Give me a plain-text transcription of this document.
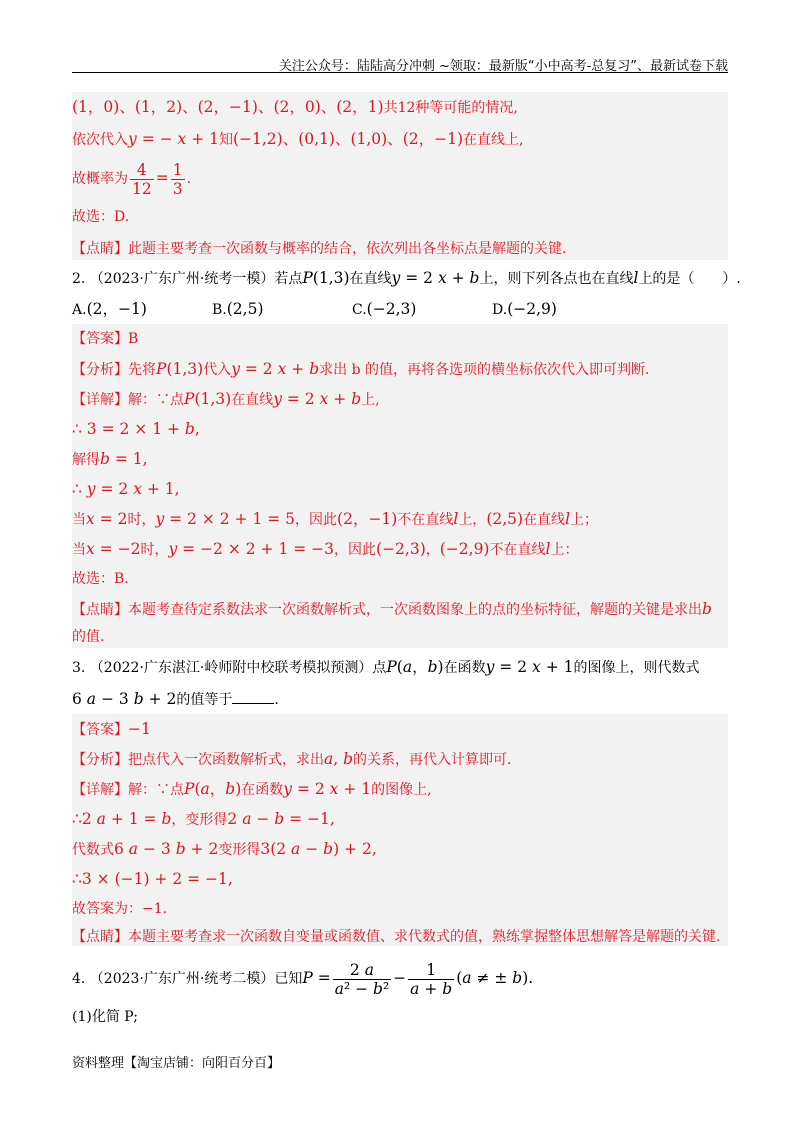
关注公众号：陆陆高分冲刺 ~领取：最新版“小中高考-总复习”、最新试卷下载
(1，0)、(1，2)、(2，−1)、(2，0)、(2，1)共12种等可能的情况,
依次代入y = − x + 1知(−1,2)、(0,1)、(1,0)、(2，−1)在直线上,
故概率为 $\frac{4}{12} = \frac{1}{3}$ .
故选：D.
【点睛】此题主要考查一次函数与概率的结合，依次列出各坐标点是解题的关键.
2. （2023·广东广州·统考一模）若点P(1,3)在直线y = 2 x + b上，则下列各点也在直线l上的是（　　）.
A.(2，−1)	B.(2,5)	C.(−2,3)	D.(−2,9)
【答案】B
【分析】先将P(1,3)代入y = 2 x + b求出 b 的值，再将各选项的横坐标依次代入即可判断.
【详解】解：∵点P(1,3)在直线y = 2 x + b上,
∴ 3 = 2 × 1 + b,
解得b = 1,
∴ y = 2 x + 1,
当x = 2时，y = 2 × 2 + 1 = 5，因此(2，−1)不在直线l上，(2,5)在直线l上；
当x = −2时，y = −2 × 2 + 1 = −3，因此(−2,3)，(−2,9)不在直线l上：
故选：B.
【点睛】本题考查待定系数法求一次函数解析式，一次函数图象上的点的坐标特征，解题的关键是求出b
的值.
3. （2022·广东湛江·岭师附中校联考模拟预测）点P(a，b)在函数y = 2 x + 1的图像上，则代数式
6 a − 3 b + 2的值等于	.
【答案】−1
【分析】把点代入一次函数解析式，求出a, b的关系，再代入计算即可.
【详解】解：∵点P(a，b)在函数y = 2 x + 1的图像上,
∴2 a + 1 = b，变形得2 a − b = −1,
代数式6 a − 3 b + 2变形得3(2 a − b) + 2,
∴3 × (−1) + 2 = −1,
故答案为：−1.
【点睛】本题主要考查求一次函数自变量或函数值、求代数式的值，熟练掌握整体思想解答是解题的关键.
4. （2023·广东广州·统考二模）已知$P = \frac{2 a}{\text{a² − b²}} - \frac{1}{a + b} (a$ ≠ ± b).
(1)化简 P;
资料整理【淘宝店铺：向阳百分百】
